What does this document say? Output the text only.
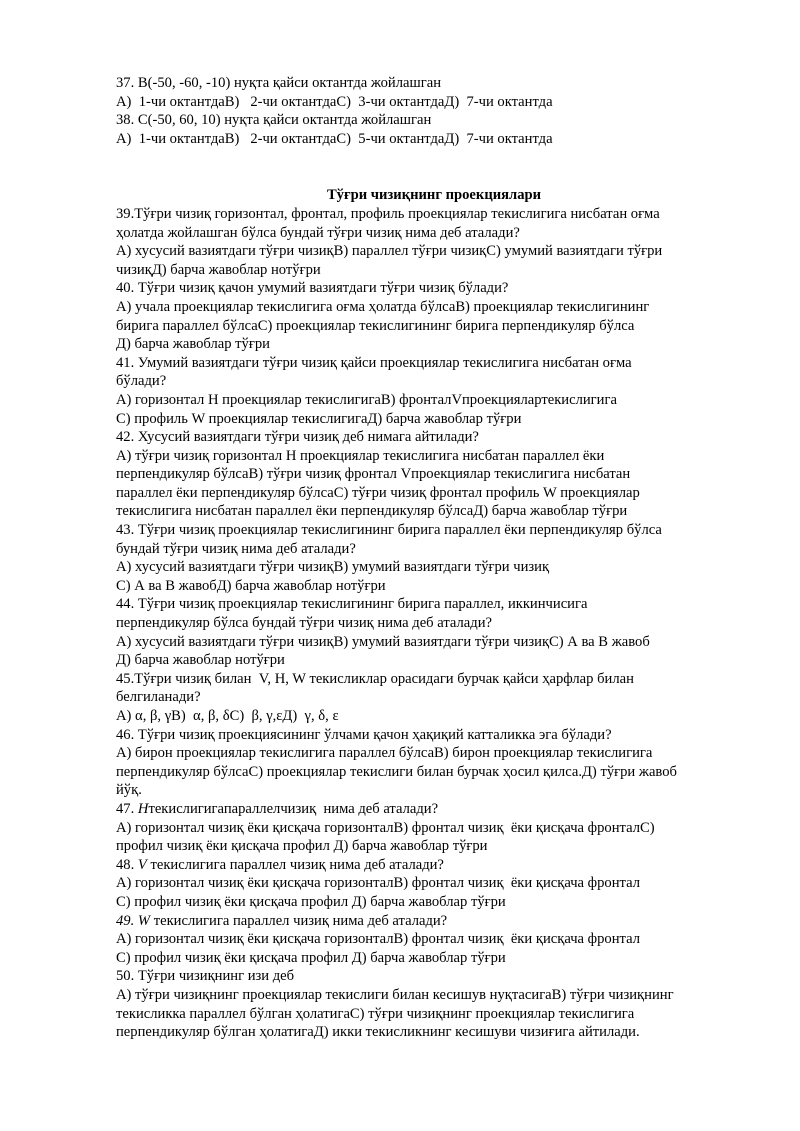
37. В(-50, -60, -10) нуқта қайси октантда жойлашган
А)  1-чи октантдаВ)   2-чи октантдаС)  3-чи октантдаД)  7-чи октантда
38. С(-50, 60, 10) нуқта қайси октантда жойлашган
А)  1-чи октантдаВ)   2-чи октантдаС)  5-чи октантдаД)  7-чи октантда
Тўғри чизиқнинг проекциялари
39.Тўғри чизиқ горизонтал, фронтал, профиль проекциялар текислигига нисбатан оғма
ҳолатда жойлашган бўлса бундай тўғри чизиқ нима деб аталади?
А) хусусий вазиятдаги тўғри чизиқВ) параллел тўғри чизиқС) умумий вазиятдаги тўғри
чизиқД) барча жавоблар нотўғри
40. Тўғри чизиқ қачон умумий вазиятдаги тўғри чизиқ бўлади?
А) учала проекциялар текислигига оғма ҳолатда бўлсаВ) проекциялар текислигининг
бирига параллел бўлсаС) проекциялар текислигининг бирига перпендикуляр бўлса
Д) барча жавоблар тўғри
41. Умумий вазиятдаги тўғри чизиқ қайси проекциялар текислигига нисбатан оғма
бўлади?
А) горизонтал Н проекциялар текислигигаВ) фронталVпроекциялартекислигига
С) профиль W проекциялар текислигигаД) барча жавоблар тўғри
42. Хусусий вазиятдаги тўғри чизиқ деб нимага айтилади?
А) тўғри чизиқ горизонтал Н проекциялар текислигига нисбатан параллел ёки
перпендикуляр бўлсаВ) тўғри чизиқ фронтал Vпроекциялар текислигига нисбатан
параллел ёки перпендикуляр бўлсаС) тўғри чизиқ фронтал профиль W проекциялар
текислигига нисбатан параллел ёки перпендикуляр бўлсаД) барча жавоблар тўғри
43. Тўғри чизиқ проекциялар текислигининг бирига параллел ёки перпендикуляр бўлса
бундай тўғри чизиқ нима деб аталади?
А) хусусий вазиятдаги тўғри чизиқВ) умумий вазиятдаги тўғри чизиқ
С) А ва В жавобД) барча жавоблар нотўғри
44. Тўғри чизиқ проекциялар текислигининг бирига параллел, иккинчисига
перпендикуляр бўлса бундай тўғри чизиқ нима деб аталади?
А) хусусий вазиятдаги тўғри чизиқВ) умумий вазиятдаги тўғри чизиқС) А ва В жавоб
Д) барча жавоблар нотўғри
45.Тўғри чизиқ билан  V, H, W текисликлар орасидаги бурчак қайси ҳарфлар билан
белгиланади?
А) α, β, γВ)  α, β, δС)  β, γ,εД)  γ, δ, ε
46. Тўғри чизиқ проекциясининг ўлчами қачон ҳақиқий катталикка эга бўлади?
А) бирон проекциялар текислигига параллел бўлсаВ) бирон проекциялар текислигига
перпендикуляр бўлсаС) проекциялар текислиги билан бурчак ҳосил қилса.Д) тўғри жавоб
йўқ.
47. Нтекислигигапараллелчизиқ  нима деб аталади?
А) горизонтал чизиқ ёки қисқача горизонталВ) фронтал чизиқ  ёки қисқача фронталС)
профил чизиқ ёки қисқача профил Д) барча жавоблар тўғри
48. V текислигига параллел чизиқ нима деб аталади?
А) горизонтал чизиқ ёки қисқача горизонталВ) фронтал чизиқ  ёки қисқача фронтал
С) профил чизиқ ёки қисқача профил Д) барча жавоблар тўғри
49. W текислигига параллел чизиқ нима деб аталади?
А) горизонтал чизиқ ёки қисқача горизонталВ) фронтал чизиқ  ёки қисқача фронтал
С) профил чизиқ ёки қисқача профил Д) барча жавоблар тўғри
50. Тўғри чизиқнинг изи деб
А) тўғри чизиқнинг проекциялар текислиги билан кесишув нуқтасигаВ) тўғри чизиқнинг
текисликка параллел бўлган ҳолатигаС) тўғри чизиқнинг проекциялар текислигига
перпендикуляр бўлган ҳолатигаД) икки текисликнинг кесишуви чизиғига айтилади.
